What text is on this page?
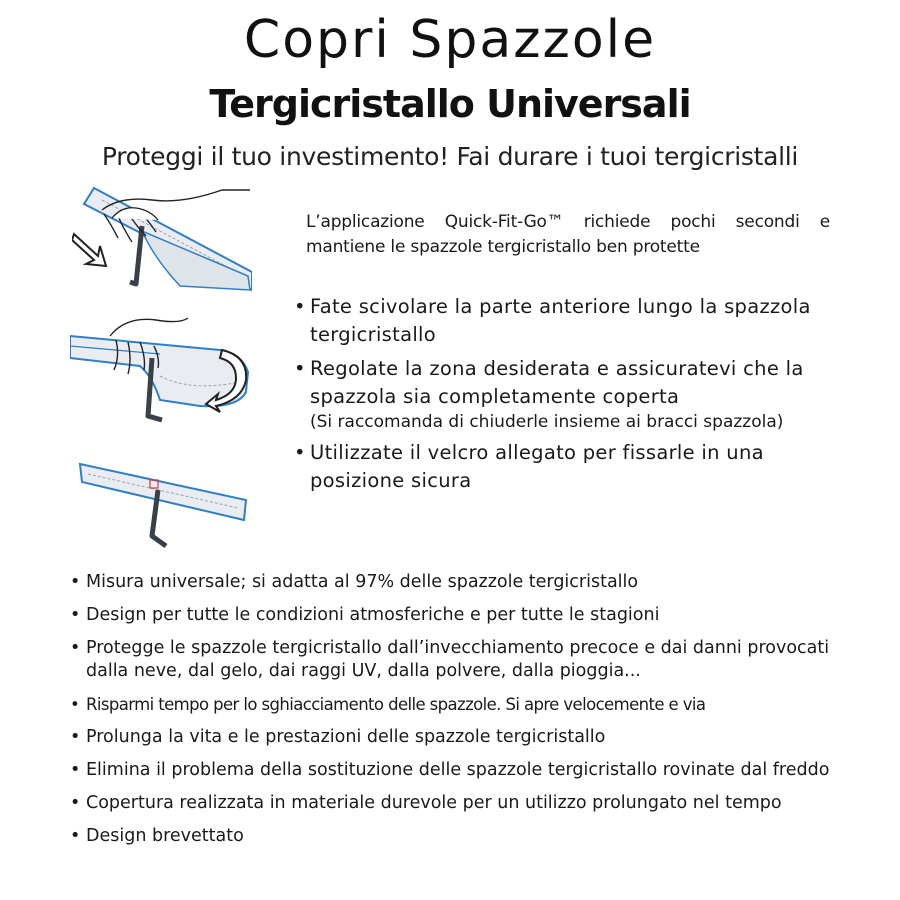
Copri Spazzole
Tergicristallo Universali
Proteggi il tuo investimento! Fai durare i tuoi tergicristalli
L’applicazione Quick-Fit-Go™ richiede pochi secondi e mantiene le spazzole tergicristallo ben protette
• Fate scivolare la parte anteriore lungo la spazzola tergicristallo
• Regolate la zona desiderata e assicuratevi che la spazzola sia completamente coperta
(Si raccomanda di chiuderle insieme ai bracci spazzola)
• Utilizzate il velcro allegato per fissarle in una posizione sicura
• Misura universale; si adatta al 97% delle spazzole tergicristallo
• Design per tutte le condizioni atmosferiche e per tutte le stagioni
• Protegge le spazzole tergicristallo dall’invecchiamento precoce e dai danni provocati dalla neve, dal gelo, dai raggi UV, dalla polvere, dalla pioggia...
• Risparmi tempo per lo sghiacciamento delle spazzole. Si apre velocemente e via
• Prolunga la vita e le prestazioni delle spazzole tergicristallo
• Elimina il problema della sostituzione delle spazzole tergicristallo rovinate dal freddo
• Copertura realizzata in materiale durevole per un utilizzo prolungato nel tempo
• Design brevettato
